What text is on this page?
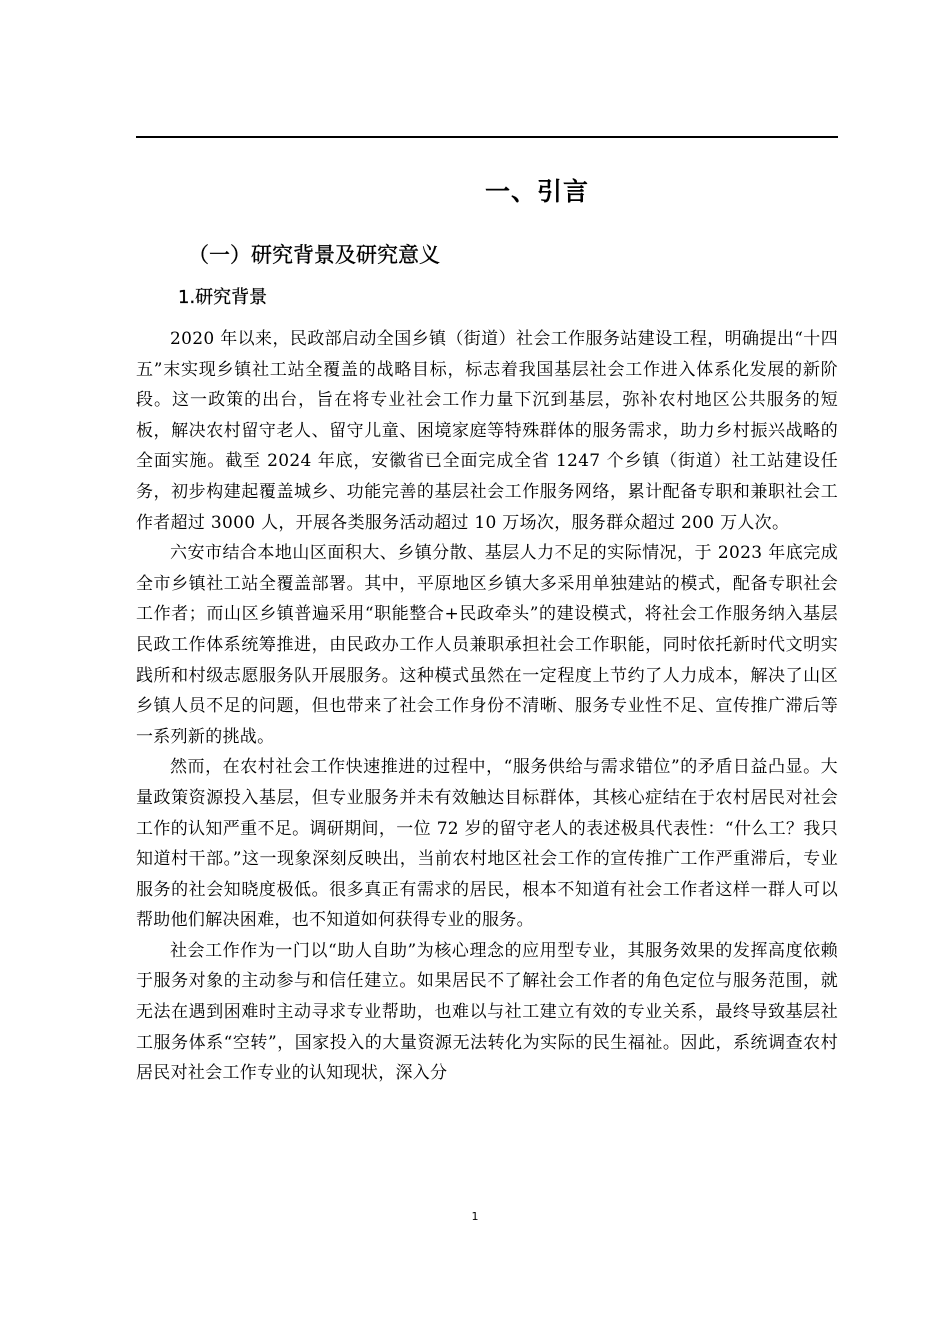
一、引言
（一）研究背景及研究意义
1.研究背景

2020 年以来，民政部启动全国乡镇（街道）社会工作服务站建设工程，明确提出“十四五”末实现乡镇社工站全覆盖的战略目标，标志着我国基层社会工作进入体系化发展的新阶段。这一政策的出台，旨在将专业社会工作力量下沉到基层，弥补农村地区公共服务的短板，解决农村留守老人、留守儿童、困境家庭等特殊群体的服务需求，助力乡村振兴战略的全面实施。截至 2024 年底，安徽省已全面完成全省 1247 个乡镇（街道）社工站建设任务，初步构建起覆盖城乡、功能完善的基层社会工作服务网络，累计配备专职和兼职社会工作者超过 3000 人，开展各类服务活动超过 10 万场次，服务群众超过 200 万人次。

六安市结合本地山区面积大、乡镇分散、基层人力不足的实际情况，于 2023 年底完成全市乡镇社工站全覆盖部署。其中，平原地区乡镇大多采用单独建站的模式，配备专职社会工作者；而山区乡镇普遍采用“职能整合+民政牵头”的建设模式，将社会工作服务纳入基层民政工作体系统筹推进，由民政办工作人员兼职承担社会工作职能，同时依托新时代文明实践所和村级志愿服务队开展服务。这种模式虽然在一定程度上节约了人力成本，解决了山区乡镇人员不足的问题，但也带来了社会工作身份不清晰、服务专业性不足、宣传推广滞后等一系列新的挑战。

然而，在农村社会工作快速推进的过程中，“服务供给与需求错位”的矛盾日益凸显。大量政策资源投入基层，但专业服务并未有效触达目标群体，其核心症结在于农村居民对社会工作的认知严重不足。调研期间，一位 72 岁的留守老人的表述极具代表性：“什么工？我只知道村干部。”这一现象深刻反映出，当前农村地区社会工作的宣传推广工作严重滞后，专业服务的社会知晓度极低。很多真正有需求的居民，根本不知道有社会工作者这样一群人可以帮助他们解决困难，也不知道如何获得专业的服务。

社会工作作为一门以“助人自助”为核心理念的应用型专业，其服务效果的发挥高度依赖于服务对象的主动参与和信任建立。如果居民不了解社会工作者的角色定位与服务范围，就无法在遇到困难时主动寻求专业帮助，也难以与社工建立有效的专业关系，最终导致基层社工服务体系“空转”，国家投入的大量资源无法转化为实际的民生福祉。因此，系统调查农村居民对社会工作专业的认知现状，深入分

1
